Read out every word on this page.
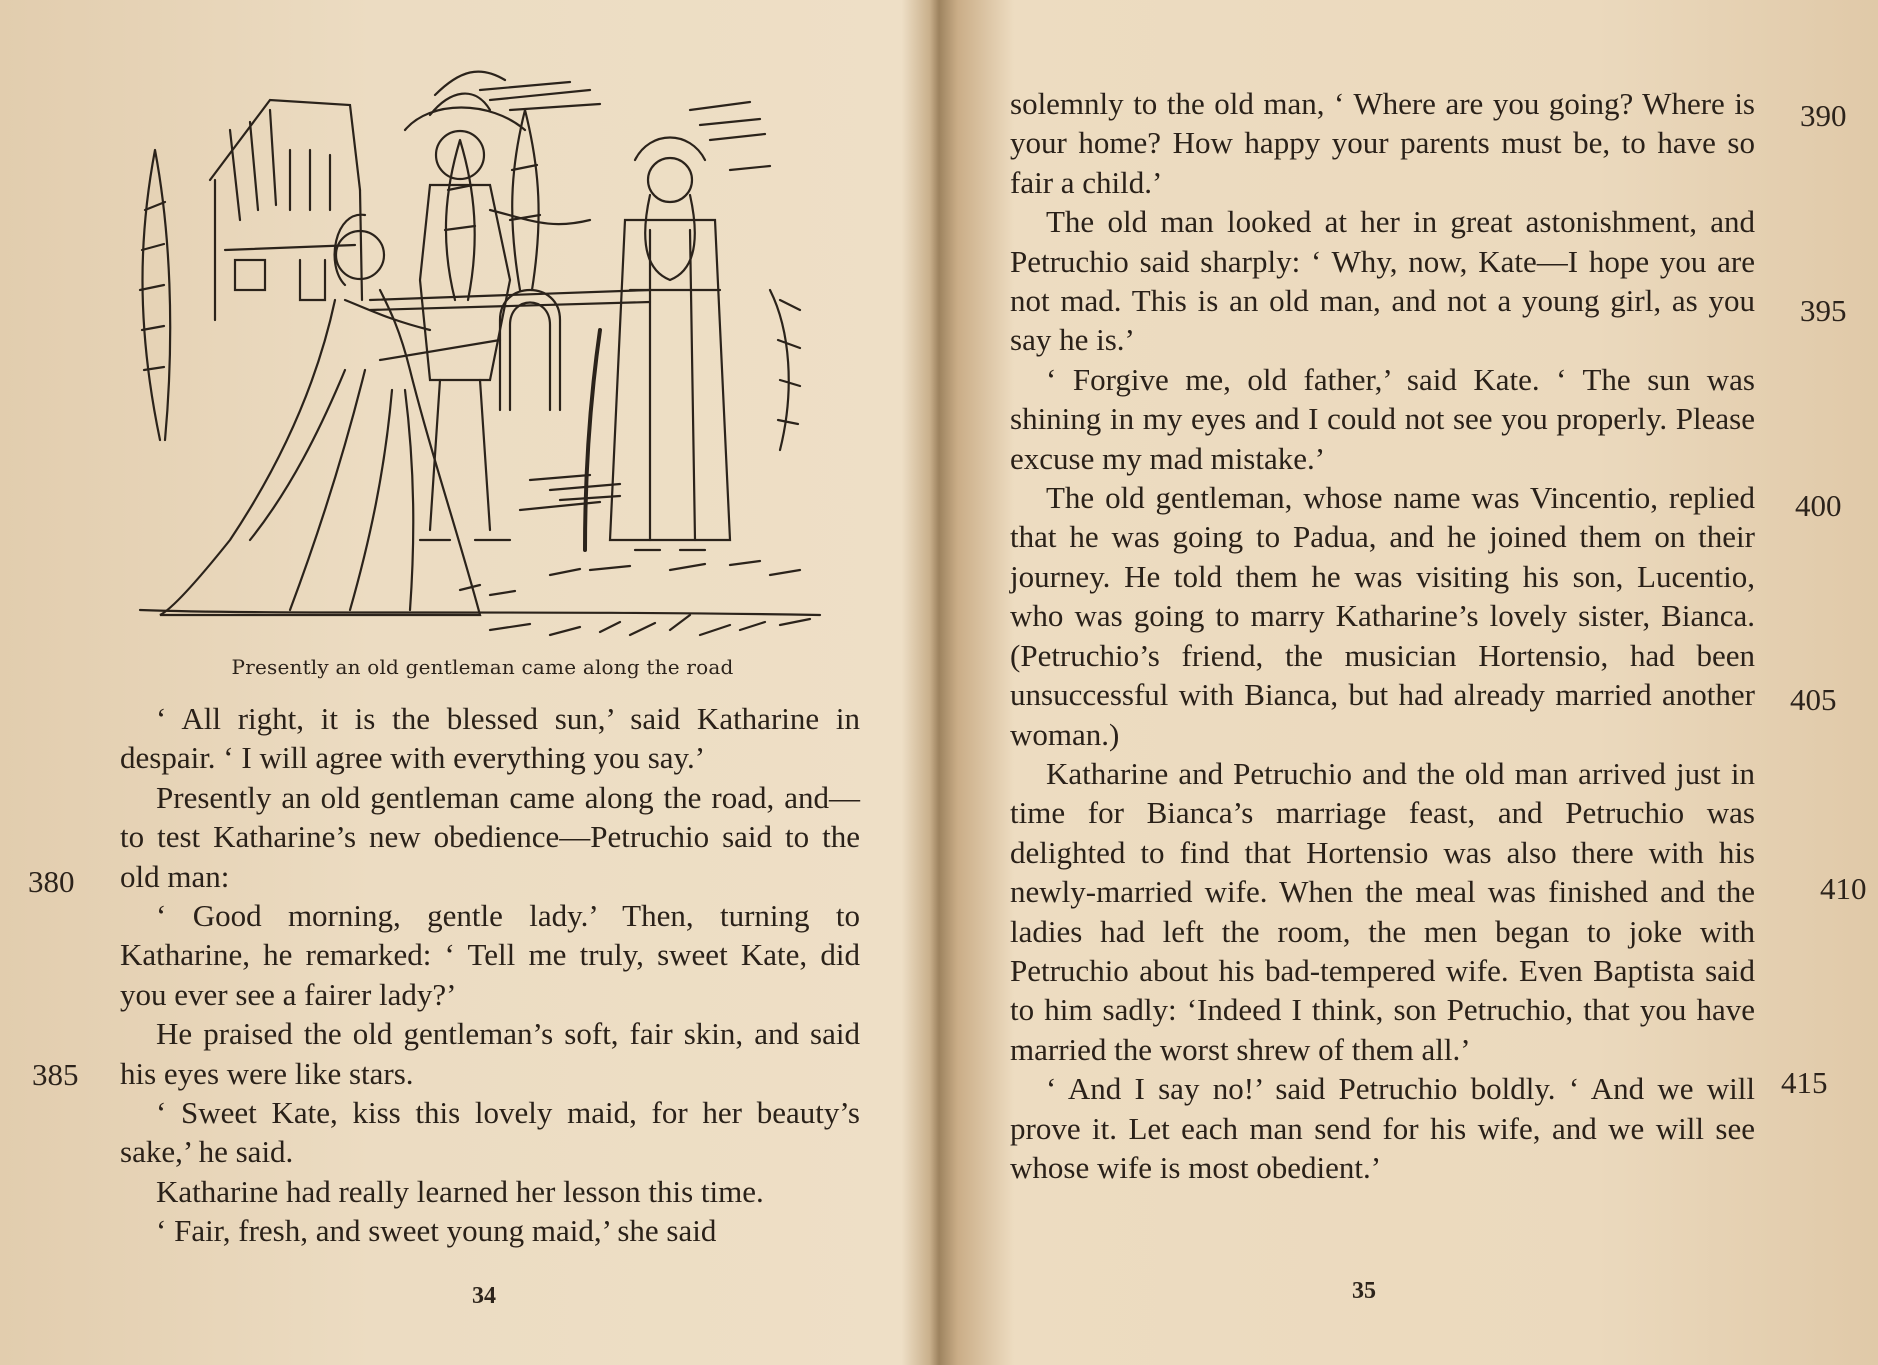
Presently an old gentleman came along the road

‘ All right, it is the blessed sun,’ said Katharine in despair. ‘ I will agree with everything you say.’

Presently an old gentleman came along the road, and—to test Katharine’s new obedience—Petruchio said to the old man:

‘ Good morning, gentle lady.’ Then, turning to Katharine, he remarked: ‘ Tell me truly, sweet Kate, did you ever see a fairer lady?’

He praised the old gentleman’s soft, fair skin, and said his eyes were like stars.

‘ Sweet Kate, kiss this lovely maid, for her beauty’s sake,’ he said.

Katharine had really learned her lesson this time.

‘ Fair, fresh, and sweet young maid,’ she said

380
385
34

solemnly to the old man, ‘ Where are you going? Where is your home? How happy your parents must be, to have so fair a child.’

The old man looked at her in great astonishment, and Petruchio said sharply: ‘ Why, now, Kate—I hope you are not mad. This is an old man, and not a young girl, as you say he is.’

‘ Forgive me, old father,’ said Kate. ‘ The sun was shining in my eyes and I could not see you properly. Please excuse my mad mistake.’

The old gentleman, whose name was Vincentio, replied that he was going to Padua, and he joined them on their journey. He told them he was visiting his son, Lucentio, who was going to marry Katharine’s lovely sister, Bianca. (Petruchio’s friend, the musician Hortensio, had been unsuccessful with Bianca, but had already married another woman.)

Katharine and Petruchio and the old man arrived just in time for Bianca’s marriage feast, and Petruchio was delighted to find that Hortensio was also there with his newly-married wife. When the meal was finished and the ladies had left the room, the men began to joke with Petruchio about his bad-tempered wife. Even Baptista said to him sadly: ‘Indeed I think, son Petruchio, that you have married the worst shrew of them all.’

‘ And I say no!’ said Petruchio boldly. ‘ And we will prove it. Let each man send for his wife, and we will see whose wife is most obedient.’

390
395
400
405
410
415
35
